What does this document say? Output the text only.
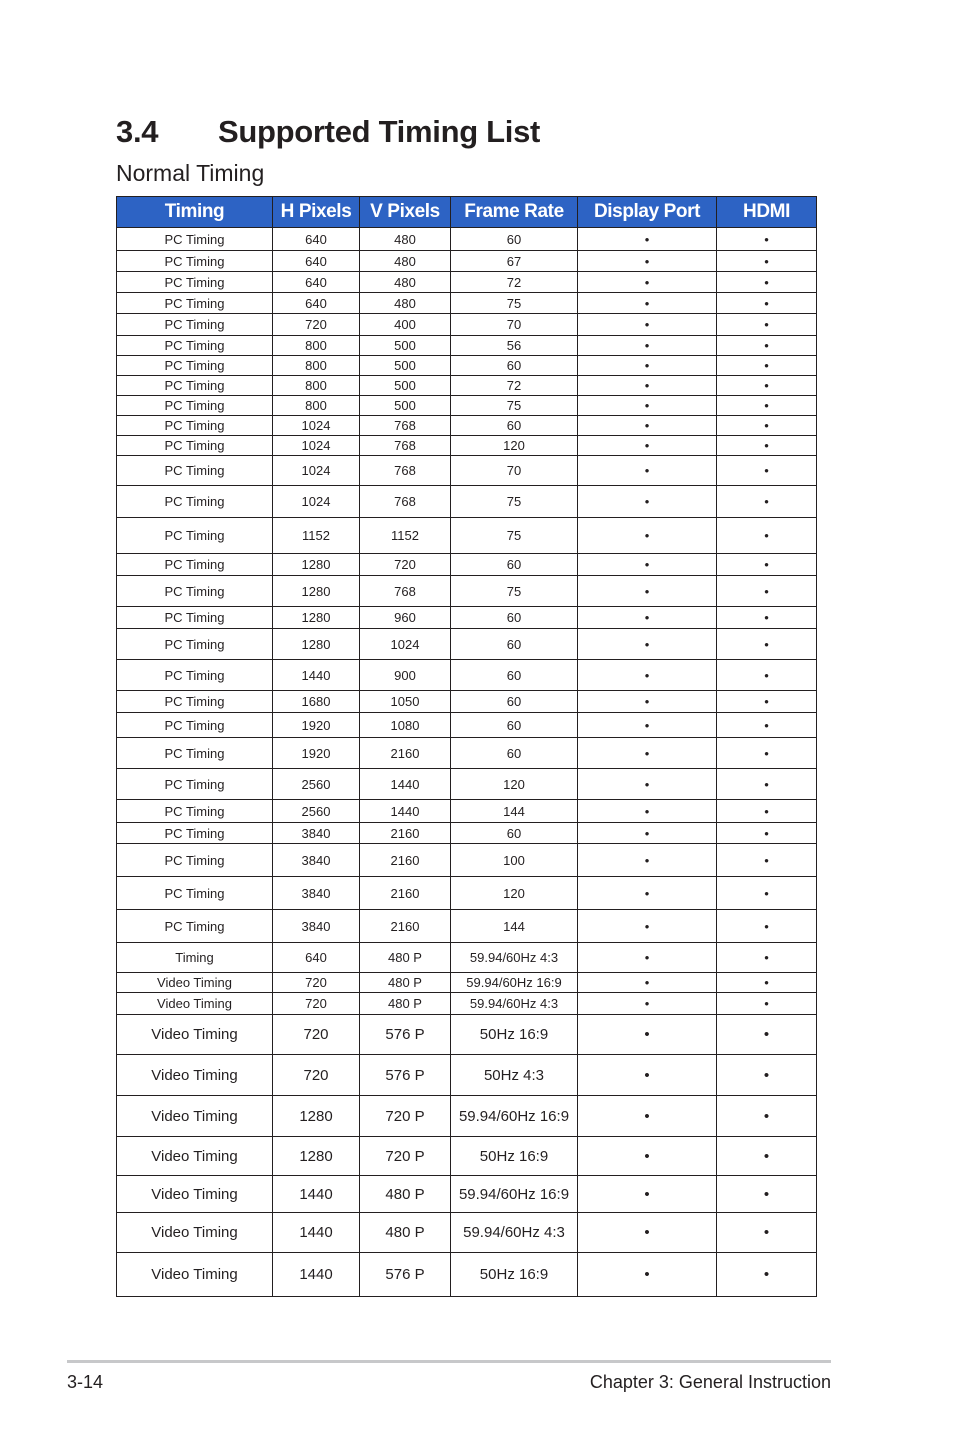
3.4 Supported Timing List
Normal Timing
Timing	H Pixels	V Pixels	Frame Rate	Display Port	HDMI
PC Timing	640	480	60	•	•
PC Timing	640	480	67	•	•
PC Timing	640	480	72	•	•
PC Timing	640	480	75	•	•
PC Timing	720	400	70	•	•
PC Timing	800	500	56	•	•
PC Timing	800	500	60	•	•
PC Timing	800	500	72	•	•
PC Timing	800	500	75	•	•
PC Timing	1024	768	60	•	•
PC Timing	1024	768	120	•	•
PC Timing	1024	768	70	•	•
PC Timing	1024	768	75	•	•
PC Timing	1152	1152	75	•	•
PC Timing	1280	720	60	•	•
PC Timing	1280	768	75	•	•
PC Timing	1280	960	60	•	•
PC Timing	1280	1024	60	•	•
PC Timing	1440	900	60	•	•
PC Timing	1680	1050	60	•	•
PC Timing	1920	1080	60	•	•
PC Timing	1920	2160	60	•	•
PC Timing	2560	1440	120	•	•
PC Timing	2560	1440	144	•	•
PC Timing	3840	2160	60	•	•
PC Timing	3840	2160	100	•	•
PC Timing	3840	2160	120	•	•
PC Timing	3840	2160	144	•	•
Timing	640	480 P	59.94/60Hz 4:3	•	•
Video Timing	720	480 P	59.94/60Hz 16:9	•	•
Video Timing	720	480 P	59.94/60Hz 4:3	•	•
Video Timing	720	576 P	50Hz 16:9	•	•
Video Timing	720	576 P	50Hz 4:3	•	•
Video Timing	1280	720 P	59.94/60Hz 16:9	•	•
Video Timing	1280	720 P	50Hz 16:9	•	•
Video Timing	1440	480 P	59.94/60Hz 16:9	•	•
Video Timing	1440	480 P	59.94/60Hz 4:3	•	•
Video Timing	1440	576 P	50Hz 16:9	•	•
3-14	Chapter 3: General Instruction
